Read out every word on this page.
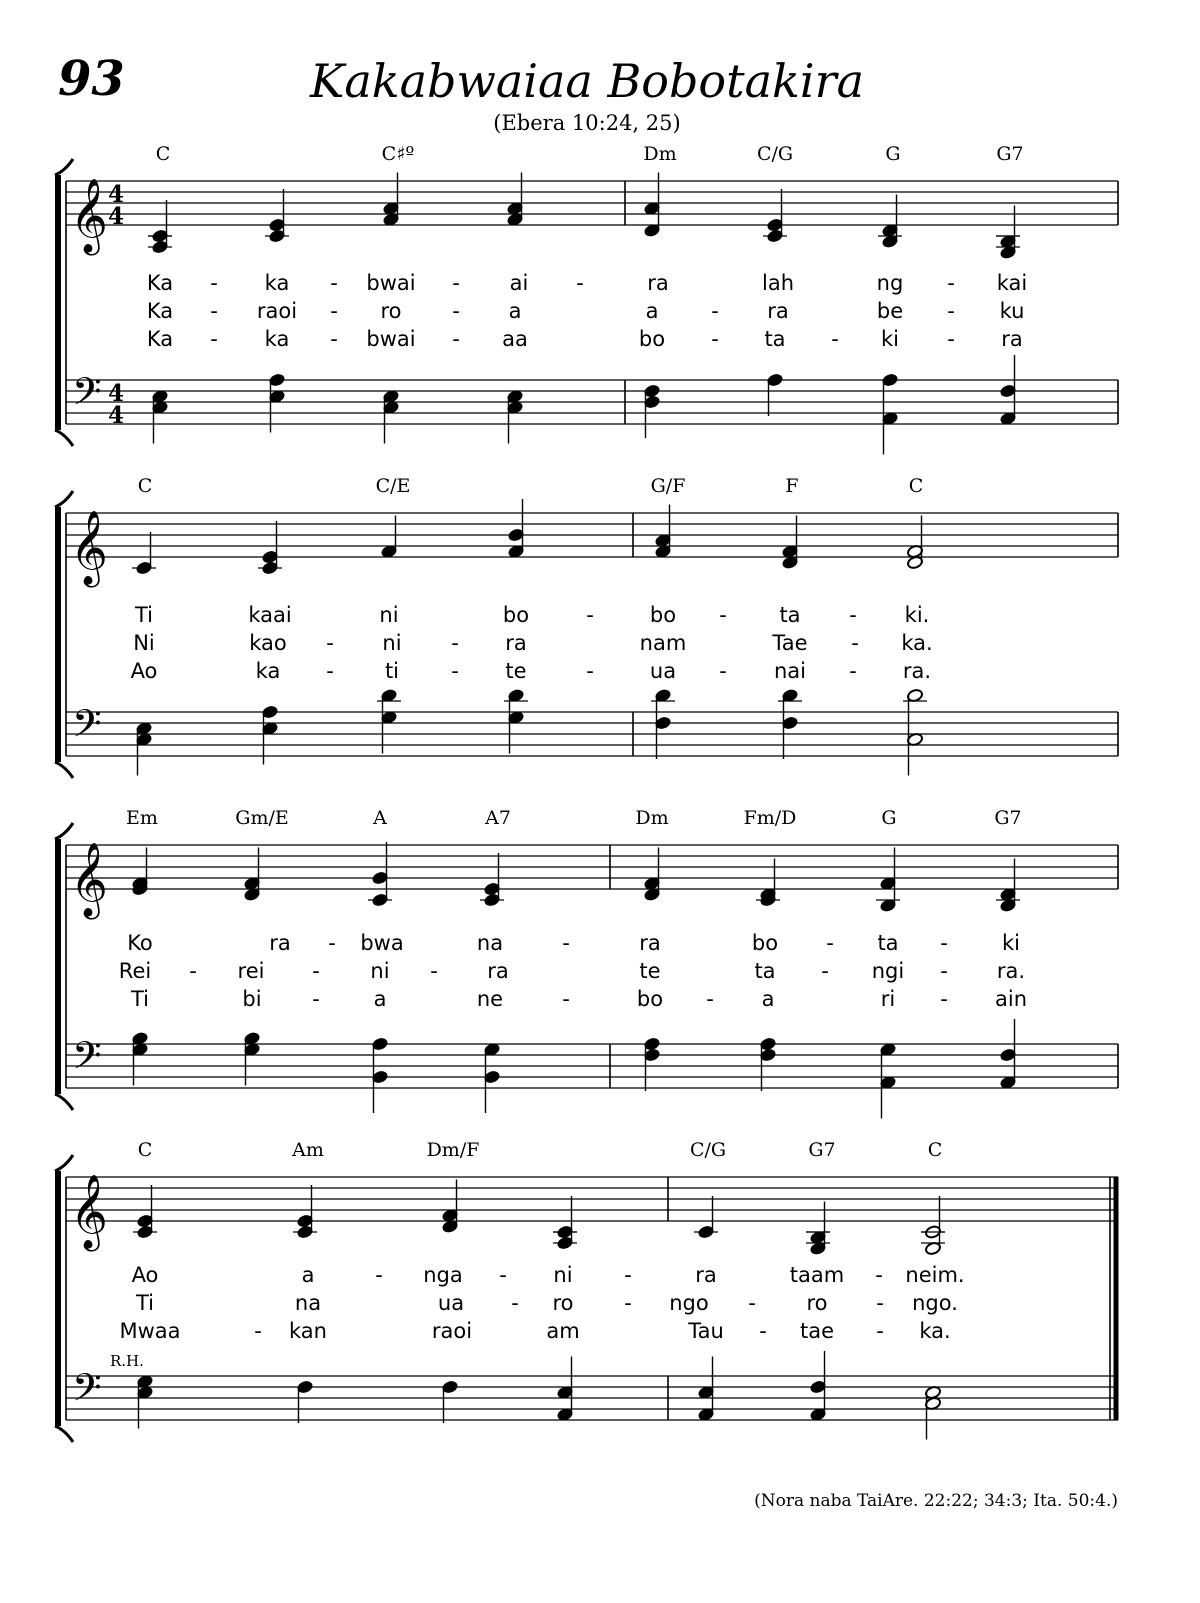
93	Kakabwaiaa Bobotakira
(Ebera 10:24, 25)
𝄞
𝄢
4
4
4
4
C	C♯º	Dm	C/G	G	G7
Ka - ka - bwai - ai -	ra	lah	ng - kai
Ka - raoi - ro - a	a	- ra	be - ku
Ka - ka - bwai - aa	bo - ta - ki - ra
𝄞
𝄢
C	C/E	G/F	F	C
Ti	kaai	ni	bo	-	bo -	ta - ki.
Ni	kao - ni - ra	nam	Tae - ka.
Ao	ka - ti - te	-	ua - nai - ra.
𝄞
𝄢
Em	Gm/E	A	A7	Dm	Fm/D	G	G7
Ko	ra - bwa	na	-	ra	bo - ta -	ki
Rei - rei - ni - ra	te	ta - ngi - ra.
Ti	bi -	a	ne	-	bo - a	ri - ain
𝄞
𝄢
C	Am	Dm/F	C/G	G7	C
Ao	a	- nga - ni -	ra	taam - neim.
Ti	na	ua - ro - ngo - ro - ngo.
Mwaa	- kan	raoi	am	Tau - tae - ka.
R.H.
(Nora naba TaiAre. 22:22; 34:3; Ita. 50:4.)
